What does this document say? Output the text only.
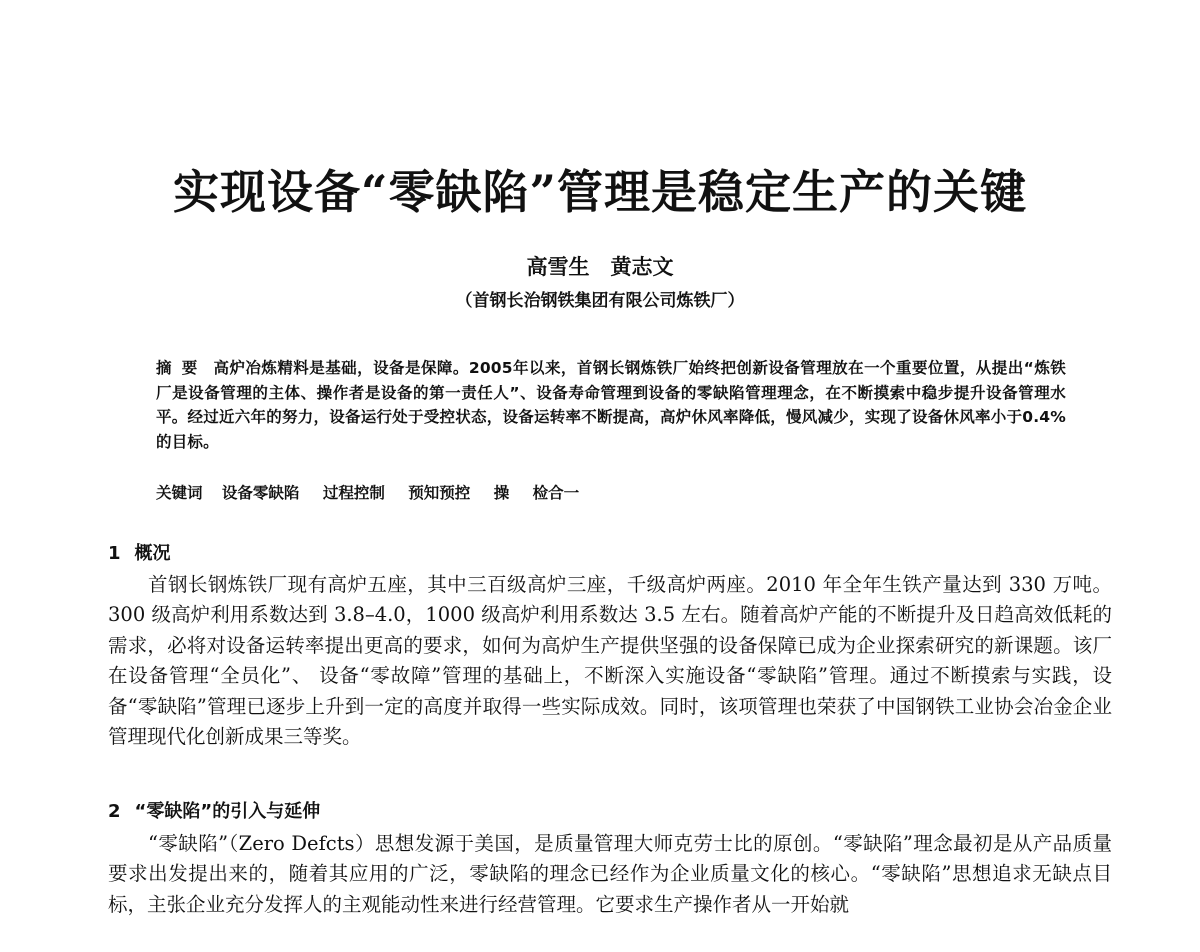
实现设备“零缺陷”管理是稳定生产的关键
高雪生　黄志文
（首钢长治钢铁集团有限公司炼铁厂）
摘要 高炉冶炼精料是基础，设备是保障。2005年以来，首钢长钢炼铁厂始终把创新设备管理放在一个重要位置，从提出“炼铁厂是设备管理的主体、操作者是设备的第一责任人”、设备寿命管理到设备的零缺陷管理理念，在不断摸索中稳步提升设备管理水平。经过近六年的努力，设备运行处于受控状态，设备运转率不断提高，高炉休风率降低，慢风减少，实现了设备休风率小于0.4%的目标。
关键词 设备零缺陷 过程控制 预知预控 操 检合一
1 概况
首钢长钢炼铁厂现有高炉五座，其中三百级高炉三座，千级高炉两座。2010 年全年生铁产量达到 330 万吨。300 级高炉利用系数达到 3.8–4.0，1000 级高炉利用系数达 3.5 左右。随着高炉产能的不断提升及日趋高效低耗的需求，必将对设备运转率提出更高的要求，如何为高炉生产提供坚强的设备保障已成为企业探索研究的新课题。该厂在设备管理“全员化”、 设备“零故障”管理的基础上，不断深入实施设备“零缺陷”管理。通过不断摸索与实践，设备“零缺陷”管理已逐步上升到一定的高度并取得一些实际成效。同时，该项管理也荣获了中国钢铁工业协会冶金企业管理现代化创新成果三等奖。
2 “零缺陷”的引入与延伸
“零缺陷”（Zero Defcts）思想发源于美国，是质量管理大师克劳士比的原创。“零缺陷”理念最初是从产品质量要求出发提出来的，随着其应用的广泛，零缺陷的理念已经作为企业质量文化的核心。“零缺陷”思想追求无缺点目标，主张企业充分发挥人的主观能动性来进行经营管理。它要求生产操作者从一开始就
